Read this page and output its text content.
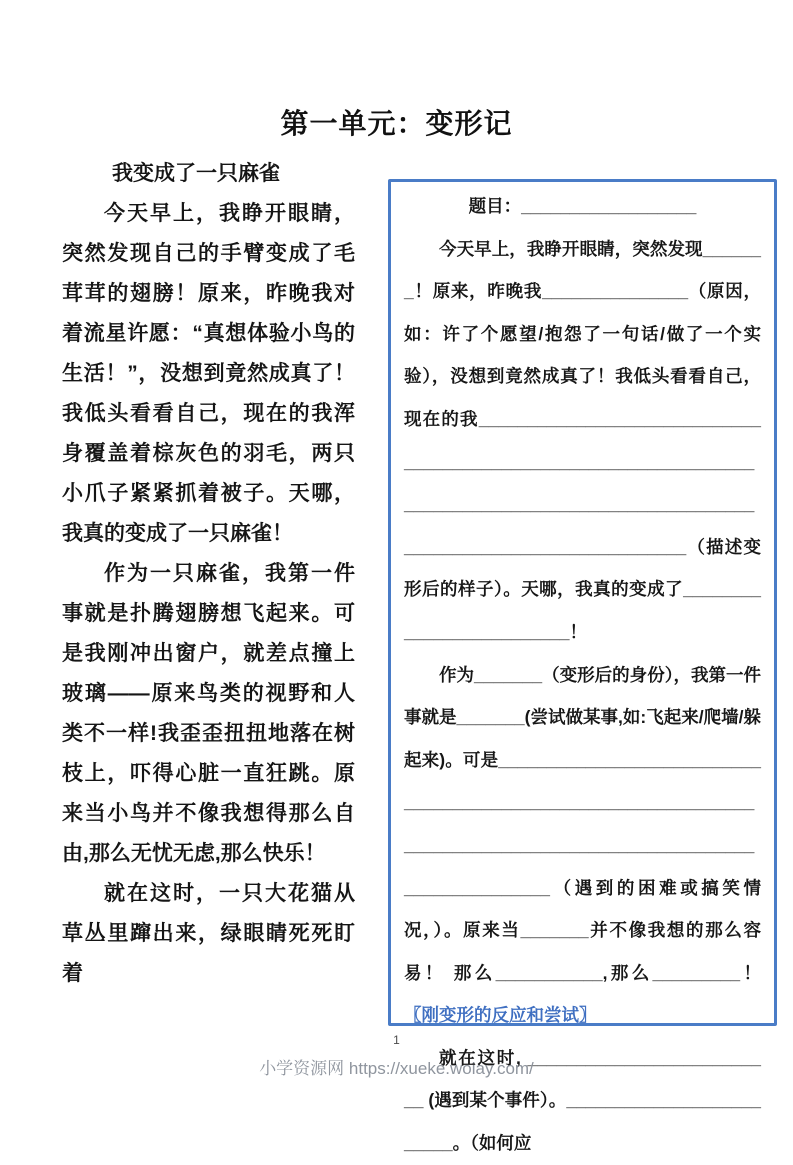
第一单元：变形记
我变成了一只麻雀

今天早上，我睁开眼睛，突然发现自己的手臂变成了毛茸茸的翅膀！原来，昨晚我对着流星许愿：“真想体验小鸟的生活！”，没想到竟然成真了！我低头看看自己，现在的我浑身覆盖着棕灰色的羽毛，两只小爪子紧紧抓着被子。天哪，我真的变成了一只麻雀！

作为一只麻雀，我第一件事就是扑腾翅膀想飞起来。可是我刚冲出窗户，就差点撞上玻璃——原来鸟类的视野和人类不一样!我歪歪扭扭地落在树枝上，吓得心脏一直狂跳。原来当小鸟并不像我想得那么自由,那么无忧无虑,那么快乐！

就在这时，一只大花猫从草丛里蹿出来，绿眼睛死死盯着

题目：__________________

今天早上，我睁开眼睛，突然发现_______！原来，昨晚我_______________（原因，如：许了个愿望/抱怨了一句话/做了一个实验），没想到竟然成真了！我低头看看自己，现在的我__________________________________________________________________________________________________________________________________（描述变形后的样子）。天哪，我真的变成了_________________________！

作为_______（变形后的身份），我第一件事就是_______(尝试做某事,如:飞起来/爬墙/躲起来)。可是__________________________________________________________________________________________________________________（遇到的困难或搞笑情况，）。原来当_______并不像我想的那么容易！ 那么___________,那么_________！〖刚变形的反应和尝试〗

就在这时, __________________________ (遇到某个事件）。_________________________。（如何应

1
小学资源网 https://xueke.woiay.com/
